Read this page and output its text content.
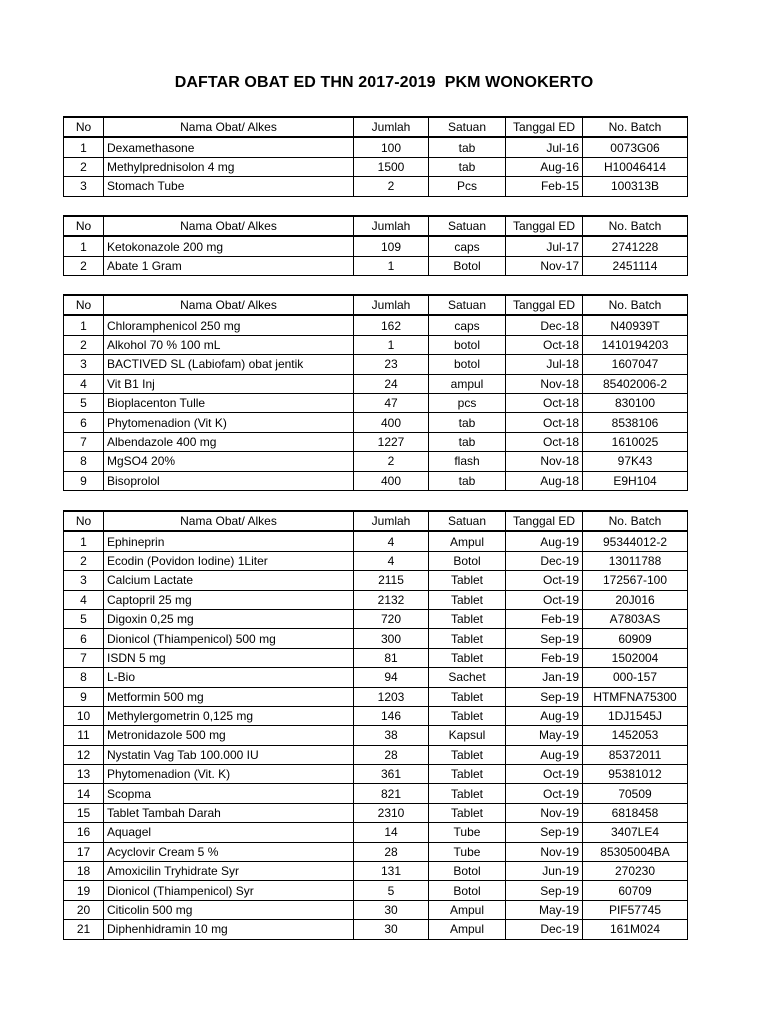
DAFTAR OBAT ED THN 2017-2019  PKM WONOKERTO
No	Nama Obat/ Alkes	Jumlah	Satuan	Tanggal ED	No. Batch
1	Dexamethasone	100	tab	Jul-16	0073G06
2	Methylprednisolon 4 mg	1500	tab	Aug-16	H10046414
3	Stomach Tube	2	Pcs	Feb-15	100313B
No	Nama Obat/ Alkes	Jumlah	Satuan	Tanggal ED	No. Batch
1	Ketokonazole 200 mg	109	caps	Jul-17	2741228
2	Abate 1 Gram	1	Botol	Nov-17	2451114
No	Nama Obat/ Alkes	Jumlah	Satuan	Tanggal ED	No. Batch
1	Chloramphenicol 250 mg	162	caps	Dec-18	N40939T
2	Alkohol 70 % 100 mL	1	botol	Oct-18	1410194203
3	BACTIVED SL (Labiofam) obat jentik	23	botol	Jul-18	1607047
4	Vit B1 Inj	24	ampul	Nov-18	85402006-2
5	Bioplacenton Tulle	47	pcs	Oct-18	830100
6	Phytomenadion (Vit K)	400	tab	Oct-18	8538106
7	Albendazole 400 mg	1227	tab	Oct-18	1610025
8	MgSO4 20%	2	flash	Nov-18	97K43
9	Bisoprolol	400	tab	Aug-18	E9H104
No	Nama Obat/ Alkes	Jumlah	Satuan	Tanggal ED	No. Batch
1	Ephineprin	4	Ampul	Aug-19	95344012-2
2	Ecodin (Povidon Iodine) 1Liter	4	Botol	Dec-19	13011788
3	Calcium Lactate	2115	Tablet	Oct-19	172567-100
4	Captopril 25 mg	2132	Tablet	Oct-19	20J016
5	Digoxin 0,25 mg	720	Tablet	Feb-19	A7803AS
6	Dionicol (Thiampenicol) 500 mg	300	Tablet	Sep-19	60909
7	ISDN 5 mg	81	Tablet	Feb-19	1502004
8	L-Bio	94	Sachet	Jan-19	000-157
9	Metformin 500 mg	1203	Tablet	Sep-19	HTMFNA75300
10	Methylergometrin 0,125 mg	146	Tablet	Aug-19	1DJ1545J
11	Metronidazole 500 mg	38	Kapsul	May-19	1452053
12	Nystatin Vag Tab 100.000 IU	28	Tablet	Aug-19	85372011
13	Phytomenadion (Vit. K)	361	Tablet	Oct-19	95381012
14	Scopma	821	Tablet	Oct-19	70509
15	Tablet Tambah Darah	2310	Tablet	Nov-19	6818458
16	Aquagel	14	Tube	Sep-19	3407LE4
17	Acyclovir Cream 5 %	28	Tube	Nov-19	85305004BA
18	Amoxicilin Tryhidrate Syr	131	Botol	Jun-19	270230
19	Dionicol (Thiampenicol) Syr	5	Botol	Sep-19	60709
20	Citicolin 500 mg	30	Ampul	May-19	PIF57745
21	Diphenhidramin 10 mg	30	Ampul	Dec-19	161M024
